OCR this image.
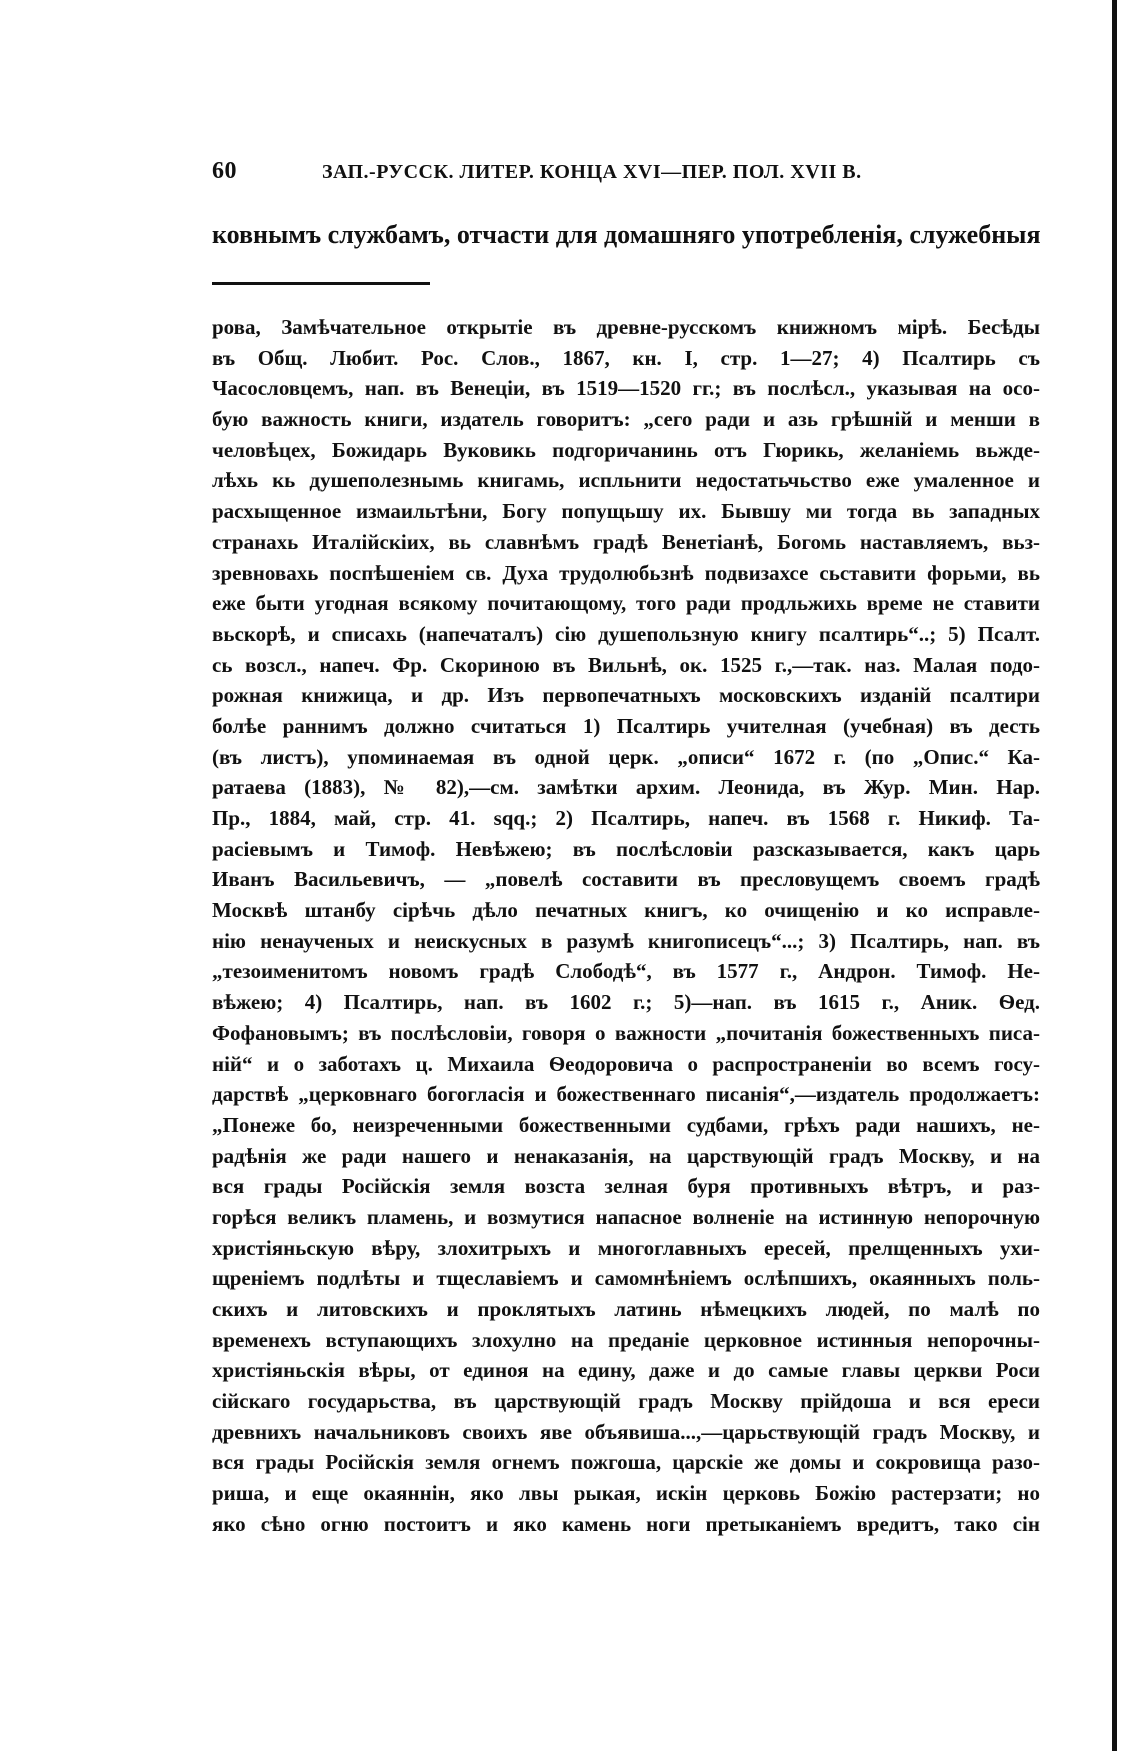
60	ЗАП.-РУССК. ЛИТЕР. КОНЦА XVI—ПЕР. ПОЛ. XVII В.
ковнымъ службамъ, отчасти для домашняго употребленія, служебныя
рова, Замѣчательное открытіе въ древне-русскомъ книжномъ мірѣ. Бесѣды
въ Общ. Любит. Рос. Слов., 1867, кн. I, стр. 1—27; 4) Псалтирь съ
Часословцемъ, нап. въ Венеціи, въ 1519—1520 гг.; въ послѣсл., указывая на осо-
бую важность книги, издатель говоритъ: „сего ради и азь грѣшній и менши в
человѣцех, Божидарь Вуковикь подгоричанинь отъ Гюрикь, желаніемь вьжде-
лѣхь кь душеполезнымь книгамь, испльнити недостатьчьство еже умаленное и
расхыщенное измаильтѣни, Богу попущьшу их. Бывшу ми тогда вь западных
странахь Италійскіих, вь славнѣмъ градѣ Венетіанѣ, Богомь наставляемъ, вьз-
зревновахь поспѣшеніем св. Духа трудолюбьзнѣ подвизахсе сьставити форьми, вь
еже быти угодная всякому почитающому, того ради продльжихь време не ставити
вьскорѣ, и списахь (напечаталъ) сію душепользную книгу псалтирь“..; 5) Псалт.
сь возсл., напеч. Фр. Скориною въ Вильнѣ, ок. 1525 г.,—так. наз. Малая подо-
рожная книжица, и др. Изъ первопечатныхъ московскихъ изданій псалтири
болѣе раннимъ должно считаться 1) Псалтирь учителная (учебная) въ десть
(въ листъ), упоминаемая въ одной церк. „описи“ 1672 г. (по „Опис.“ Ка-
ратаева (1883), № 82),—см. замѣтки архим. Леонида, въ Жур. Мин. Нар.
Пр., 1884, май, стр. 41. sqq.; 2) Псалтирь, напеч. въ 1568 г. Никиф. Та-
расіевымъ и Тимоф. Невѣжею; въ послѣсловіи разсказывается, какъ царь
Иванъ Васильевичъ, — „повелѣ составити въ пресловущемъ своемъ градѣ
Москвѣ штанбу сірѣчь дѣло печатных книгъ, ко очищенію и ко исправле-
нію ненаученых и неискусных в разумѣ книгописецъ“...; 3) Псалтирь, нап. въ
„тезоименитомъ новомъ градѣ Слободѣ“, въ 1577 г., Андрон. Тимоф. Не-
вѣжею; 4) Псалтирь, нап. въ 1602 г.; 5)—нап. въ 1615 г., Аник. Ѳед.
Фофановымъ; въ послѣсловіи, говоря о важности „почитанія божественныхъ писа-
ній“ и о заботахъ ц. Михаила Ѳеодоровича о распространеніи во всемъ госу-
дарствѣ „церковнаго богогласія и божественнаго писанія“,—издатель продолжаетъ:
„Понеже бо, неизреченными божественными судбами, грѣхъ ради нашихъ, не-
радѣнія же ради нашего и ненаказанія, на царствующій градъ Москву, и на
вся грады Російскія земля возста зелная буря противныхъ вѣтръ, и раз-
горѣся великъ пламень, и возмутися напасное волненіе на истинную непорочную
христіяньскую вѣру, злохитрыхъ и многоглавныхъ ересей, прелщенныхъ ухи-
щреніемъ подлѣты и тщеславіемъ и самомнѣніемъ ослѣпшихъ, окаянныхъ поль-
скихъ и литовскихъ и проклятыхъ латинь нѣмецкихъ людей, по малѣ по
временехъ вступающихъ злохулно на преданіе церковное истинныя непорочны-
христіяньскія вѣры, от единоя на едину, даже и до самые главы церкви Роси
сійскаго государьства, въ царствующій градъ Москву прійдоша и вся ереси
древнихъ начальниковъ своихъ яве объявиша...,—царьствующій градъ Москву, и
вся грады Російскія земля огнемъ пожгоша, царскіе же домы и сокровища разо-
риша, и еще окаяннін, яко лвы рыкая, искін церковь Божію растерзати; но
яко сѣно огню постоитъ и яко камень ноги претыканіемъ вредитъ, тако сін
